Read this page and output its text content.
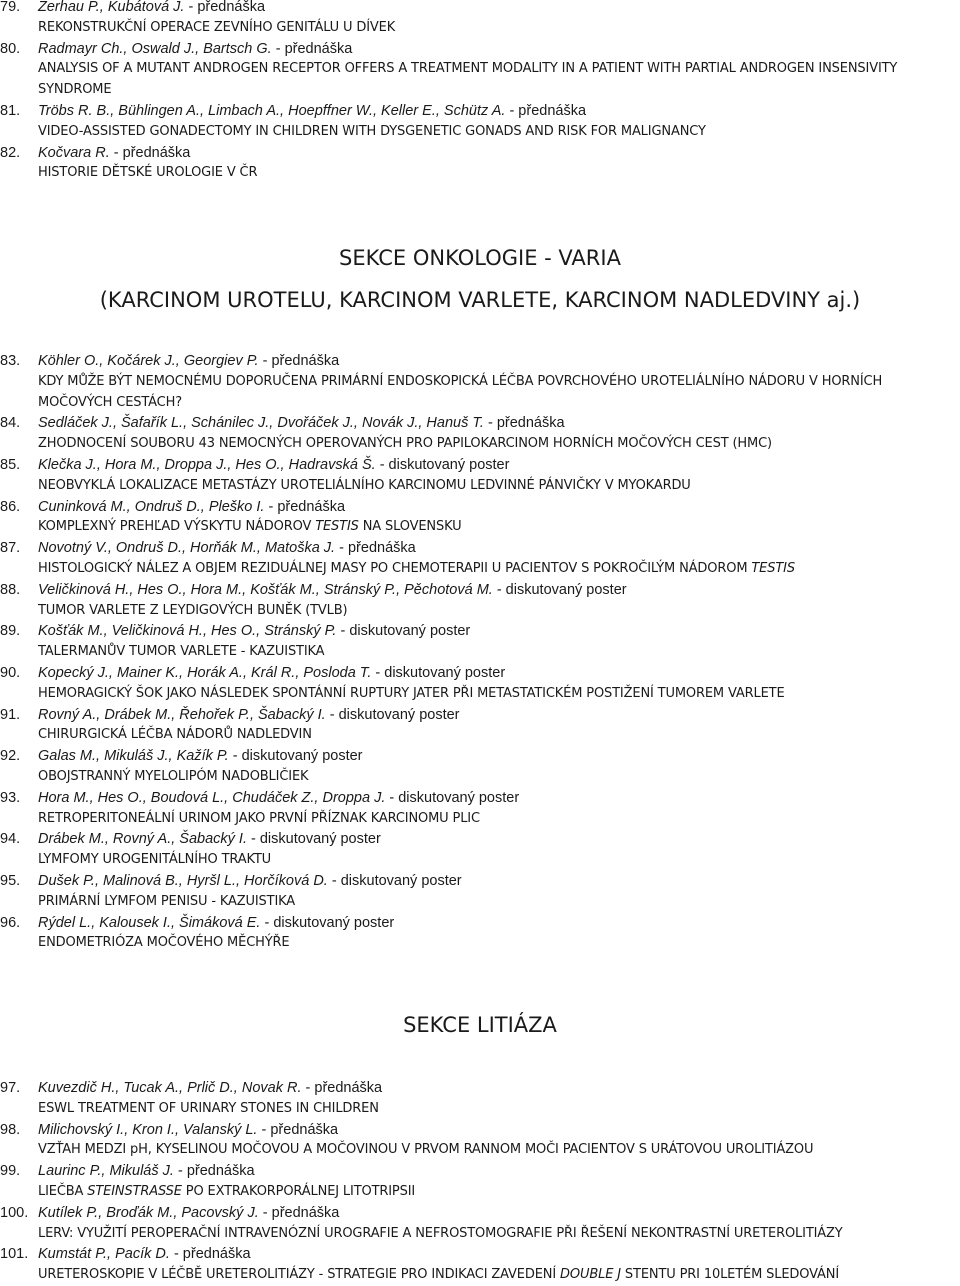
79.	Zerhau P., Kubátová J. - přednáška
REKONSTRUKČNÍ OPERACE ZEVNÍHO GENITÁLU U DÍVEK
80.	Radmayr Ch., Oswald J., Bartsch G. - přednáška
ANALYSIS OF A MUTANT ANDROGEN RECEPTOR OFFERS A TREATMENT MODALITY IN A PATIENT WITH PARTIAL ANDROGEN INSENSIVITY SYNDROME
81.	Tröbs R. B., Bühlingen A., Limbach A., Hoepffner W., Keller E., Schütz A. - přednáška
VIDEO-ASSISTED GONADECTOMY IN CHILDREN WITH DYSGENETIC GONADS AND RISK FOR MALIGNANCY
82.	Kočvara R. - přednáška
HISTORIE DĚTSKÉ UROLOGIE V ČR
SEKCE ONKOLOGIE - VARIA
(KARCINOM UROTELU, KARCINOM VARLETE, KARCINOM NADLEDVINY aj.)
83.	Köhler O., Kočárek J., Georgiev P. - přednáška
KDY MŮŽE BÝT NEMOCNÉMU DOPORUČENA PRIMÁRNÍ ENDOSKOPICKÁ LÉČBA POVRCHOVÉHO UROTELIÁLNÍHO NÁDORU V HORNÍCH MOČOVÝCH CESTÁCH?
84.	Sedláček J., Šafařík L., Schánilec J., Dvořáček J., Novák J., Hanuš T. - přednáška
ZHODNOCENÍ SOUBORU 43 NEMOCNÝCH OPEROVANÝCH PRO PAPILOKARCINOM HORNÍCH MOČOVÝCH CEST (HMC)
85.	Klečka J., Hora M., Droppa J., Hes O., Hadravská Š. - diskutovaný poster
NEOBVYKLÁ LOKALIZACE METASTÁZY UROTELIÁLNÍHO KARCINOMU LEDVINNÉ PÁNVIČKY V MYOKARDU
86.	Cuninková M., Ondruš D., Pleško I. - přednáška
KOMPLEXNÝ PREHĽAD VÝSKYTU NÁDOROV TESTIS NA SLOVENSKU
87.	Novotný V., Ondruš D., Horňák M., Matoška J. - přednáška
HISTOLOGICKÝ NÁLEZ A OBJEM REZIDUÁLNEJ MASY PO CHEMOTERAPII U PACIENTOV S POKROČILÝM NÁDOROM TESTIS
88.	Veličkinová H., Hes O., Hora M., Košťák M., Stránský P., Pěchotová M. - diskutovaný poster
TUMOR VARLETE Z LEYDIGOVÝCH BUNĚK (TVLB)
89.	Košťák M., Veličkinová H., Hes O., Stránský P. - diskutovaný poster
TALERMANŮV TUMOR VARLETE - KAZUISTIKA
90.	Kopecký J., Mainer K., Horák A., Král R., Posloda T. - diskutovaný poster
HEMORAGICKÝ ŠOK JAKO NÁSLEDEK SPONTÁNNÍ RUPTURY JATER PŘI METASTATICKÉM POSTIŽENÍ TUMOREM VARLETE
91.	Rovný A., Drábek M., Řehořek P., Šabacký I. - diskutovaný poster
CHIRURGICKÁ LÉČBA NÁDORŮ NADLEDVIN
92.	Galas M., Mikuláš J., Kažík P. - diskutovaný poster
OBOJSTRANNÝ MYELOLIPÓM NADOBLIČIEK
93.	Hora M., Hes O., Boudová L., Chudáček Z., Droppa J. - diskutovaný poster
RETROPERITONEÁLNÍ URINOM JAKO PRVNÍ PŘÍZNAK KARCINOMU PLIC
94.	Drábek M., Rovný A., Šabacký I. - diskutovaný poster
LYMFOMY UROGENITÁLNÍHO TRAKTU
95.	Dušek P., Malinová B., Hyršl L., Horčíková D. - diskutovaný poster
PRIMÁRNÍ LYMFOM PENISU - KAZUISTIKA
96.	Rýdel L., Kalousek I., Šimáková E. - diskutovaný poster
ENDOMETRIÓZA MOČOVÉHO MĚCHÝŘE
SEKCE LITIÁZA
97.	Kuvezdič H., Tucak A., Prlič D., Novak R. - přednáška
ESWL TREATMENT OF URINARY STONES IN CHILDREN
98.	Milichovský I., Kron I., Valanský L. - přednáška
VZŤAH MEDZI pH, KYSELINOU MOČOVOU A MOČOVINOU V PRVOM RANNOM MOČI PACIENTOV S URÁTOVOU UROLITIÁZOU
99.	Laurinc P., Mikuláš J. - přednáška
LIEČBA STEINSTRASSE PO EXTRAKORPORÁLNEJ LITOTRIPSII
100. Kutílek P., Broďák M., Pacovský J. - přednáška
LERV: VYUŽITÍ PEROPERAČNÍ INTRAVENÓZNÍ UROGRAFIE A NEFROSTOMOGRAFIE PŘI ŘEŠENÍ NEKONTRASTNÍ URETEROLITIÁZY
101. Kumstát P., Pacík D. - přednáška
URETEROSKOPIE V LÉČBĚ URETEROLITIÁZY - STRATEGIE PRO INDIKACI ZAVEDENÍ DOUBLE J STENTU PRI 10LETÉM SLEDOVÁNÍ
